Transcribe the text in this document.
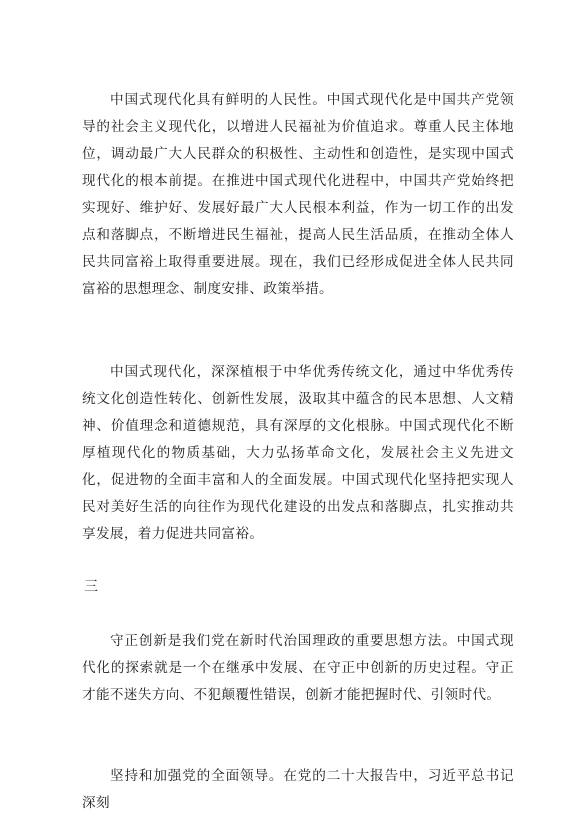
中国式现代化具有鲜明的人民性。中国式现代化是中国共产党领导的社会主义现代化，以增进人民福祉为价值追求。尊重人民主体地位，调动最广大人民群众的积极性、主动性和创造性，是实现中国式现代化的根本前提。在推进中国式现代化进程中，中国共产党始终把实现好、维护好、发展好最广大人民根本利益，作为一切工作的出发点和落脚点，不断增进民生福祉，提高人民生活品质，在推动全体人民共同富裕上取得重要进展。现在，我们已经形成促进全体人民共同富裕的思想理念、制度安排、政策举措。

中国式现代化，深深植根于中华优秀传统文化，通过中华优秀传统文化创造性转化、创新性发展，汲取其中蕴含的民本思想、人文精神、价值理念和道德规范，具有深厚的文化根脉。中国式现代化不断厚植现代化的物质基础，大力弘扬革命文化，发展社会主义先进文化，促进物的全面丰富和人的全面发展。中国式现代化坚持把实现人民对美好生活的向往作为现代化建设的出发点和落脚点，扎实推动共享发展，着力促进共同富裕。

三

守正创新是我们党在新时代治国理政的重要思想方法。中国式现代化的探索就是一个在继承中发展、在守正中创新的历史过程。守正才能不迷失方向、不犯颠覆性错误，创新才能把握时代、引领时代。

坚持和加强党的全面领导。在党的二十大报告中，习近平总书记深刻
